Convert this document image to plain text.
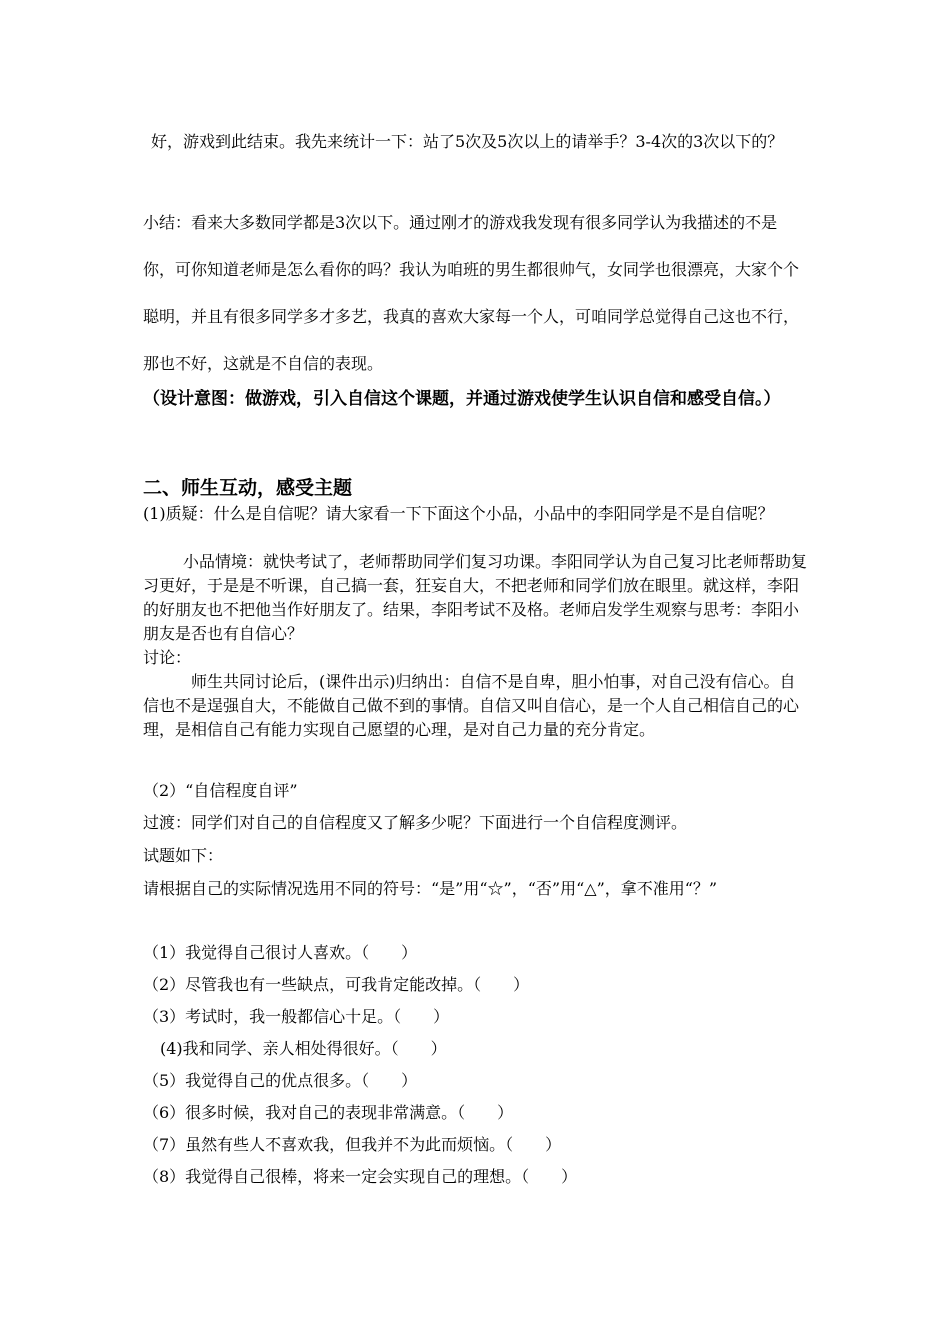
好，游戏到此结束。我先来统计一下：站了5次及5次以上的请举手？3-4次的3次以下的？

小结：看来大多数同学都是3次以下。通过刚才的游戏我发现有很多同学认为我描述的不是你，可你知道老师是怎么看你的吗？我认为咱班的男生都很帅气，女同学也很漂亮，大家个个聪明，并且有很多同学多才多艺，我真的喜欢大家每一个人，可咱同学总觉得自己这也不行，那也不好，这就是不自信的表现。

（设计意图：做游戏，引入自信这个课题，并通过游戏使学生认识自信和感受自信。）

二、师生互动，感受主题

(1)质疑：什么是自信呢？请大家看一下下面这个小品，小品中的李阳同学是不是自信呢？

小品情境：就快考试了，老师帮助同学们复习功课。李阳同学认为自己复习比老师帮助复习更好，于是是不听课，自己搞一套，狂妄自大，不把老师和同学们放在眼里。就这样，李阳的好朋友也不把他当作好朋友了。结果，李阳考试不及格。老师启发学生观察与思考：李阳小朋友是否也有自信心？

讨论：

师生共同讨论后，(课件出示)归纳出：自信不是自卑，胆小怕事，对自己没有信心。自信也不是逞强自大，不能做自己做不到的事情。自信又叫自信心，是一个人自己相信自己的心理，是相信自己有能力实现自己愿望的心理，是对自己力量的充分肯定。

（2）“自信程度自评”

过渡：同学们对自己的自信程度又了解多少呢？下面进行一个自信程度测评。

试题如下：

请根据自己的实际情况选用不同的符号：“是”用“☆”，“否”用“△”，拿不准用“？”

（1）我觉得自己很讨人喜欢。（　　）

（2）尽管我也有一些缺点，可我肯定能改掉。（　　）

（3）考试时，我一般都信心十足。（　　）

(4)我和同学、亲人相处得很好。（　　）

（5）我觉得自己的优点很多。（　　）

（6）很多时候，我对自己的表现非常满意。（　　）

（7）虽然有些人不喜欢我，但我并不为此而烦恼。（　　）

（8）我觉得自己很棒，将来一定会实现自己的理想。（　　）
